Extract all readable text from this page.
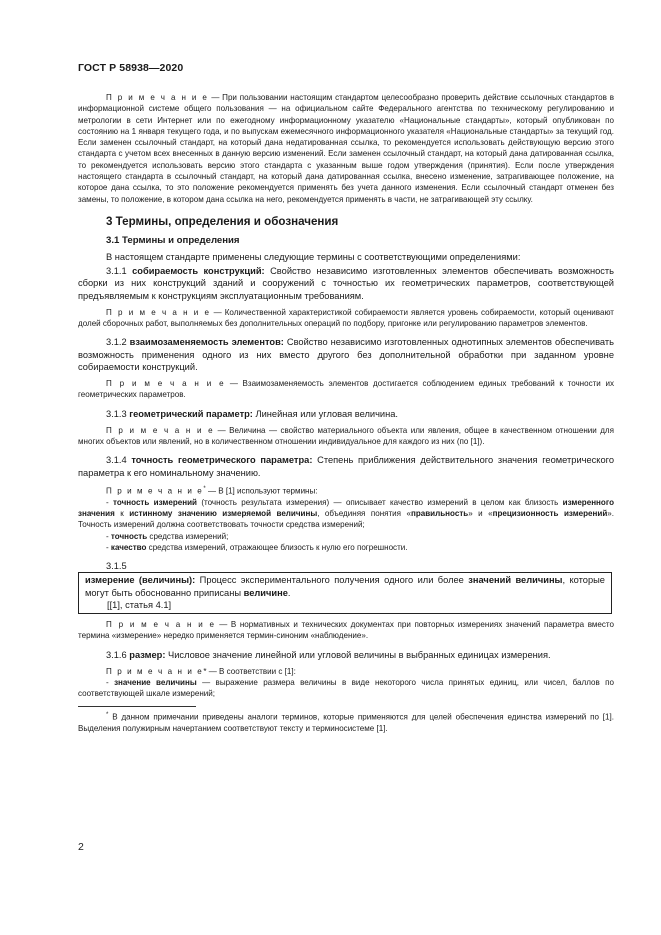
ГОСТ Р 58938—2020

П р и м е ч а н и е — При пользовании настоящим стандартом целесообразно проверить действие ссылочных стандартов в информационной системе общего пользования — на официальном сайте Федерального агентства по техническому регулированию и метрологии в сети Интернет или по ежегодному информационному указателю «Национальные стандарты», который опубликован по состоянию на 1 января текущего года, и по выпускам ежемесячного информационного указателя «Национальные стандарты» за текущий год. Если заменен ссылочный стандарт, на который дана недатированная ссылка, то рекомендуется использовать действующую версию этого стандарта с учетом всех внесенных в данную версию изменений. Если заменен ссылочный стандарт, на который дана датированная ссылка, то рекомендуется использовать версию этого стандарта с указанным выше годом утверждения (принятия). Если после утверждения настоящего стандарта в ссылочный стандарт, на который дана датированная ссылка, внесено изменение, затрагивающее положение, на которое дана ссылка, то это положение рекомендуется применять без учета данного изменения. Если ссылочный стандарт отменен без замены, то положение, в котором дана ссылка на него, рекомендуется применять в части, не затрагивающей эту ссылку.

3 Термины, определения и обозначения
3.1 Термины и определения

В настоящем стандарте применены следующие термины с соответствующими определениями:

3.1.1 собираемость конструкций: Свойство независимо изготовленных элементов обеспечивать возможность сборки из них конструкций зданий и сооружений с точностью их геометрических параметров, соответствующей предъявляемым к конструкциям эксплуатационным требованиям.

П р и м е ч а н и е — Количественной характеристикой собираемости является уровень собираемости, который оценивают долей сборочных работ, выполняемых без дополнительных операций по подбору, пригонке или регулированию параметров элементов.

3.1.2 взаимозаменяемость элементов: Свойство независимо изготовленных однотипных элементов обеспечивать возможность применения одного из них вместо другого без дополнительной обработки при заданном уровне собираемости конструкций.

П р и м е ч а н и е — Взаимозаменяемость элементов достигается соблюдением единых требований к точности их геометрических параметров.

3.1.3 геометрический параметр: Линейная или угловая величина.

П р и м е ч а н и е — Величина — свойство материального объекта или явления, общее в качественном отношении для многих объектов или явлений, но в количественном отношении индивидуальное для каждого из них (по [1]).

3.1.4 точность геометрического параметра: Степень приближения действительного значения геометрического параметра к его номинальному значению.

П р и м е ч а н и е* — В [1] используют термины:

- точность измерений (точность результата измерения) — описывает качество измерений в целом как близость измеренного значения к истинному значению измеряемой величины, объединяя понятия «правильность» и «прецизионность измерений». Точность измерений должна соответствовать точности средства измерений;

- точность средства измерений;

- качество средства измерений, отражающее близость к нулю его погрешности.

3.1.5

измерение (величины): Процесс экспериментального получения одного или более значений величины, которые могут быть обоснованно приписаны величине.

[[1], статья 4.1]

П р и м е ч а н и е — В нормативных и технических документах при повторных измерениях значений параметра вместо термина «измерение» нередко применяется термин-синоним «наблюдение».

3.1.6 размер: Числовое значение линейной или угловой величины в выбранных единицах измерения.

П р и м е ч а н и е* — В соответствии с [1]:

- значение величины — выражение размера величины в виде некоторого числа принятых единиц, или чисел, баллов по соответствующей шкале измерений;

* В данном примечании приведены аналоги терминов, которые применяются для целей обеспечения единства измерений по [1]. Выделения полужирным начертанием соответствуют тексту и терминосистеме [1].

2
